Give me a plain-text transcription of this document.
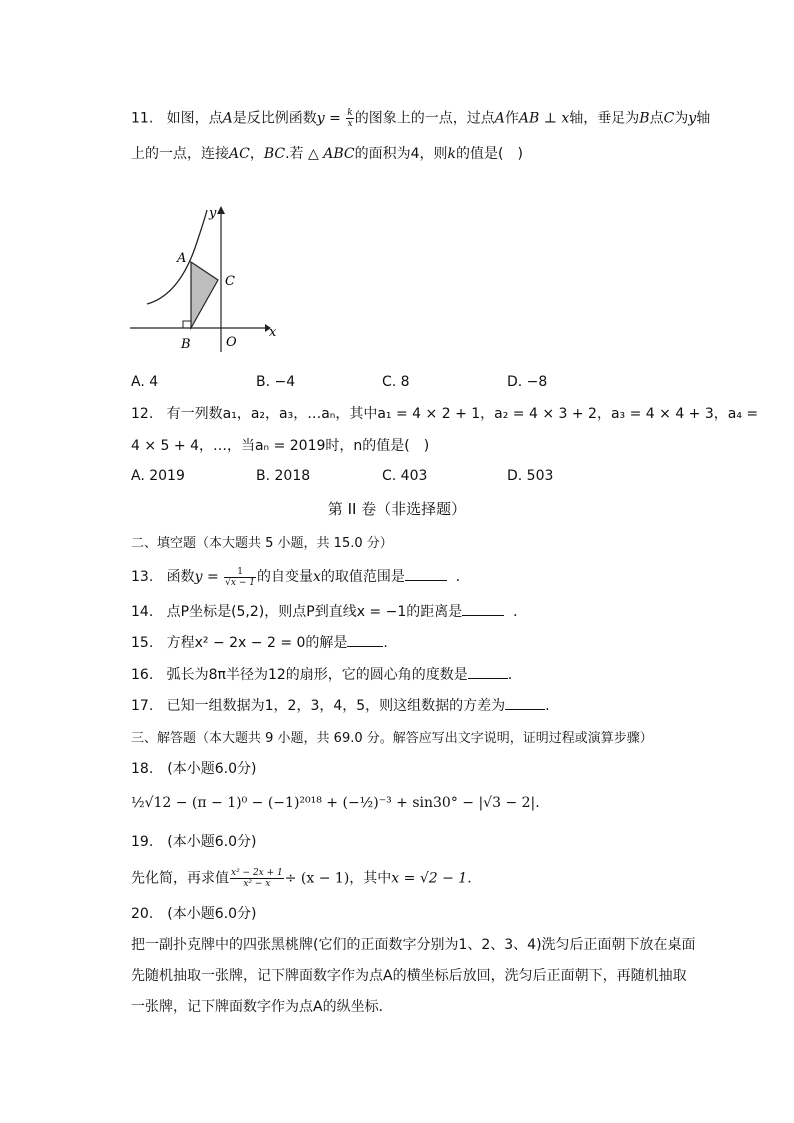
11. 如图，点A是反比例函数$y = \frac{k}{x}$ 的图象上的一点，过点A作AB ⊥ x轴，垂足为B点C为y轴
上的一点，连接AC，BC.若 △ ABC的面积为4，则k的值是(　)
y
x
A
B
C
O
A. 4	B. −4	C. 8	D. −8
12. 有一列数a₁，a₂，a₃，…aₙ，其中a₁ = 4 × 2 + 1，a₂ = 4 × 3 + 2，a₃ = 4 × 4 + 3，a₄ =
4 × 5 + 4，…，当aₙ = 2019时，n的值是(　)
A. 2019	B. 2018	C. 403	D. 503
第 II 卷（非选择题）
二、填空题（本大题共 5 小题，共 15.0 分）
13. 函数$y = \frac{1}{√x - 1}$ 的自变量x的取值范围是	．
14. 点P坐标是(5,2)，则点P到直线x = −1的距离是	．
15. 方程x² − 2x − 2 = 0的解是	.
16. 弧长为8π半径为12的扇形，它的圆心角的度数是	.
17. 已知一组数据为1，2，3，4，5，则这组数据的方差为	.
三、解答题（本大题共 9 小题，共 69.0 分。解答应写出文字说明，证明过程或演算步骤）
18.　(本小题6.0分)
½√12 − (π − 1)⁰ − (−1)²⁰¹⁸ + (−½)⁻³ + sin30° − |√3 − 2|.
19.　(本小题6.0分)
先化简，再求值 $\frac{\text{x² − 2x + 1}}{\text{x² − x}} \div (x - 1)$，其中x = √2 − 1.
20.　(本小题6.0分)
把一副扑克牌中的四张黑桃牌(它们的正面数字分别为1、2、3、4)洗匀后正面朝下放在桌面
先随机抽取一张牌，记下牌面数字作为点A的横坐标后放回，洗匀后正面朝下，再随机抽取
一张牌，记下牌面数字作为点A的纵坐标．
